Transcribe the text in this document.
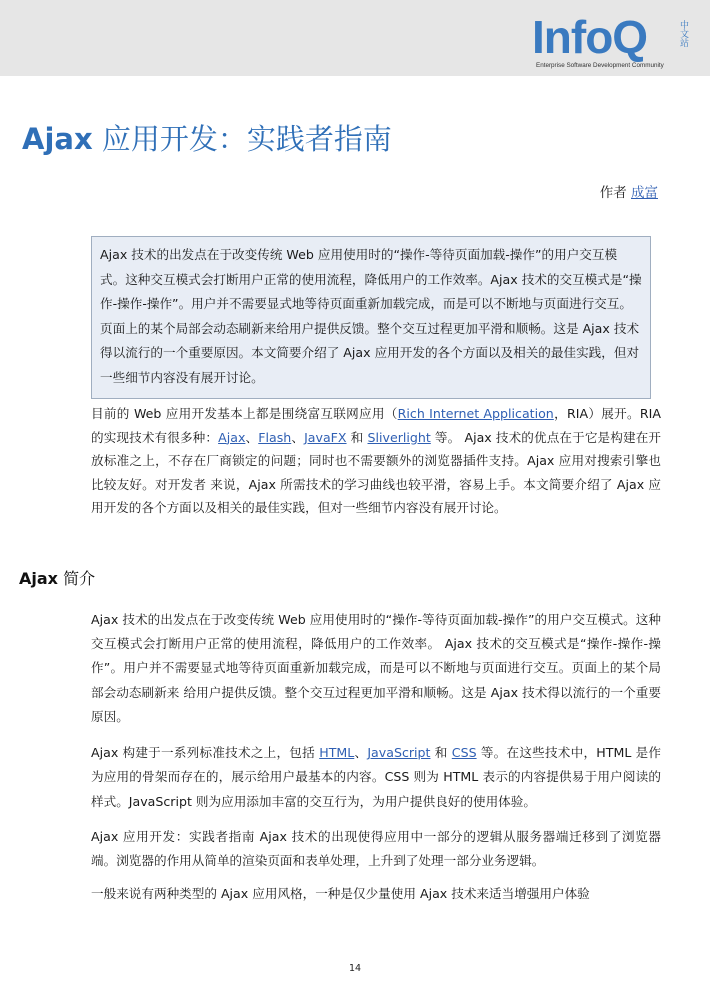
InfoQ	中文站
Enterprise Software Development Community
Ajax 应用开发：实践者指南
作者 成富
Ajax 技术的出发点在于改变传统 Web 应用使用时的“操作-等待页面加载-操作”的用户交互模式。这种交互模式会打断用户正常的使用流程，降低用户的工作效率。Ajax 技术的交互模式是“操作-操作-操作”。用户并不需要显式地等待页面重新加载完成，而是可以不断地与页面进行交互。页面上的某个局部会动态刷新来给用户提供反馈。整个交互过程更加平滑和顺畅。这是 Ajax 技术得以流行的一个重要原因。本文简要介绍了 Ajax 应用开发的各个方面以及相关的最佳实践，但对一些细节内容没有展开讨论。
目前的 Web 应用开发基本上都是围绕富互联网应用（Rich Internet Application，RIA）展开。RIA 的实现技术有很多种：Ajax、Flash、JavaFX 和 Sliverlight 等。 Ajax 技术的优点在于它是构建在开放标准之上，不存在厂商锁定的问题；同时也不需要额外的浏览器插件支持。Ajax 应用对搜索引擎也比较友好。对开发者 来说，Ajax 所需技术的学习曲线也较平滑，容易上手。本文简要介绍了 Ajax 应用开发的各个方面以及相关的最佳实践，但对一些细节内容没有展开讨论。
Ajax 简介
Ajax 技术的出发点在于改变传统 Web 应用使用时的“操作-等待页面加载-操作”的用户交互模式。这种交互模式会打断用户正常的使用流程，降低用户的工作效率。 Ajax 技术的交互模式是“操作-操作-操作”。用户并不需要显式地等待页面重新加载完成，而是可以不断地与页面进行交互。页面上的某个局部会动态刷新来 给用户提供反馈。整个交互过程更加平滑和顺畅。这是 Ajax 技术得以流行的一个重要原因。
Ajax 构建于一系列标准技术之上，包括 HTML、JavaScript 和 CSS 等。在这些技术中，HTML 是作为应用的骨架而存在的，展示给用户最基本的内容。CSS 则为 HTML 表示的内容提供易于用户阅读的样式。JavaScript 则为应用添加丰富的交互行为，为用户提供良好的使用体验。
Ajax 应用开发：实践者指南 Ajax 技术的出现使得应用中一部分的逻辑从服务器端迁移到了浏览器端。浏览器的作用从简单的渲染页面和表单处理，上升到了处理一部分业务逻辑。
一般来说有两种类型的 Ajax 应用风格，一种是仅少量使用 Ajax 技术来适当增强用户体验
14
